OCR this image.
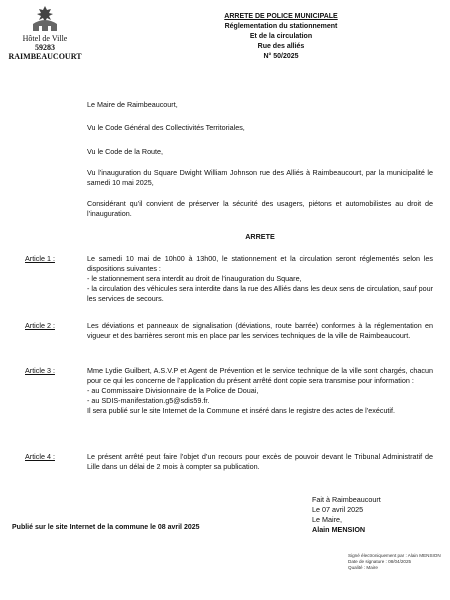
Hôtel de Ville
59283 RAIMBEAUCOURT
ARRETE DE POLICE MUNICIPALE
Réglementation du stationnement
Et de la circulation
Rue des alliés
N° 50/2025
Le Maire de Raimbeaucourt,
Vu le Code Général des Collectivités Territoriales,
Vu le Code de la Route,
Vu l’inauguration du Square Dwight William Johnson rue des Alliés à Raimbeaucourt, par la municipalité le samedi 10 mai 2025,
Considérant qu’il convient de préserver la sécurité des usagers, piétons et automobilistes au droit de l’inauguration.
ARRETE
Article 1 :	Le samedi 10 mai de 10h00 à 13h00, le stationnement et la circulation seront réglementés selon les dispositions suivantes :
- le stationnement sera interdit au droit de l’inauguration du Square,
- la circulation des véhicules sera interdite dans la rue des Alliés dans les deux sens de circulation, sauf pour les services de secours.
Article 2 :	Les déviations et panneaux de signalisation (déviations, route barrée) conformes à la réglementation en vigueur et des barrières seront mis en place par les services techniques de la ville de Raimbeaucourt.
Article 3 :	Mme Lydie Guilbert, A.S.V.P et Agent de Prévention et le service technique de la ville sont chargés, chacun pour ce qui les concerne de l’application du présent arrêté dont copie sera transmise pour information :
- au Commissaire Divisionnaire de la Police de Douai,
- au SDIS-manifestation.g5@sdis59.fr.
Il sera publié sur le site Internet de la Commune et inséré dans le registre des actes de l’exécutif.
Article 4 :	Le présent arrêté peut faire l’objet d’un recours pour excès de pouvoir devant le Tribunal Administratif de Lille dans un délai de 2 mois à compter sa publication.
Fait à Raimbeaucourt
Le 07 avril 2025
Le Maire,
Alain MENSION
Publié sur le site Internet de la commune le 08 avril 2025
Signé électroniquement par : Alain MENSION
Date de signature : 08/04/2025
Qualité : Maire
